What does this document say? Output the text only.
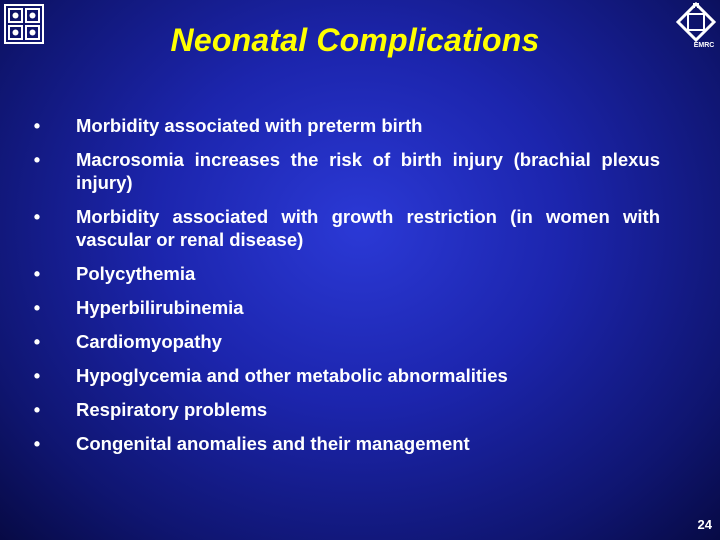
EMRC
Neonatal Complications
• Morbidity associated with preterm birth
• Macrosomia increases the risk of birth injury (brachial plexus injury)
• Morbidity associated with growth restriction (in women with vascular or renal disease)
• Polycythemia
• Hyperbilirubinemia
• Cardiomyopathy
• Hypoglycemia and other metabolic abnormalities
• Respiratory problems
• Congenital anomalies and their management
24
